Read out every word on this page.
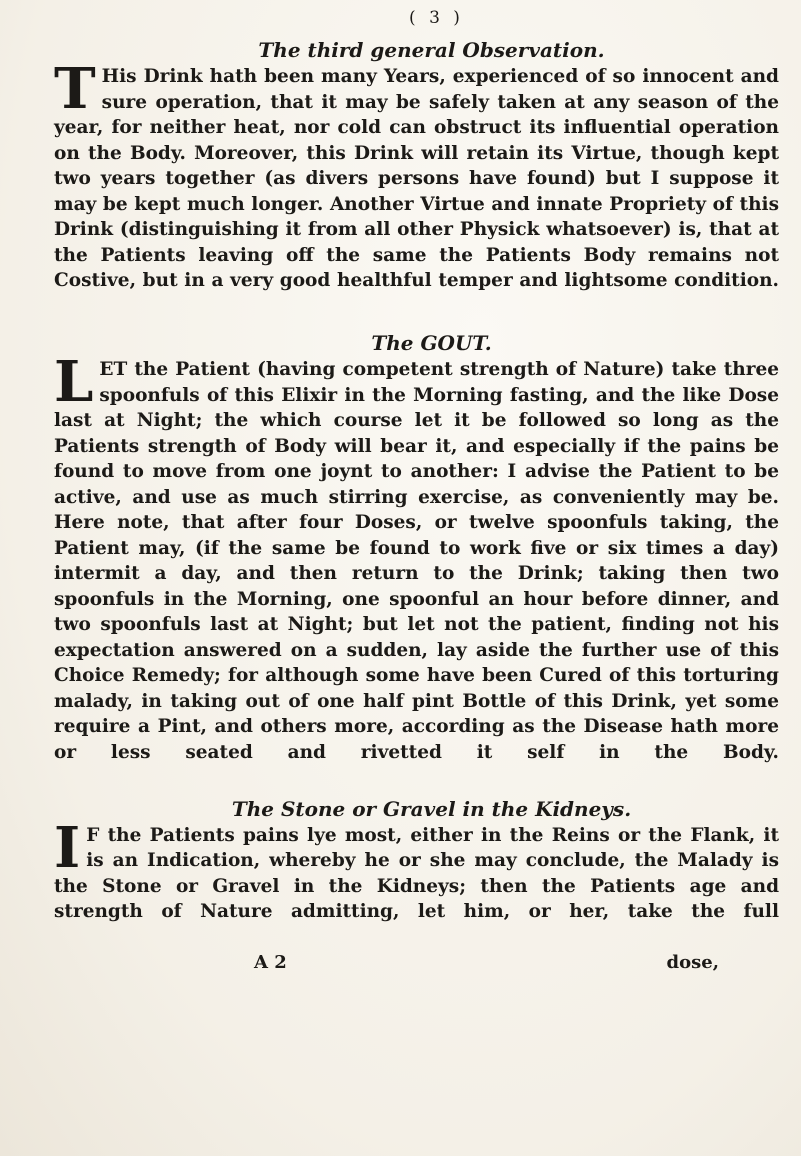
( 3 )
The third general Observation.

T His Drink hath been many Years, experienced of so innocent and sure operation, that it may be safely taken at any season of the year, for neither heat, nor cold can obstruct its influential operation on the Body. Moreover, this Drink will retain its Virtue, though kept two years together (as divers persons have found) but I suppose it may be kept much longer. Another Virtue and innate Propriety of this Drink (distinguishing it from all other Physick whatsoever) is, that at the Patients leaving off the same the Patients Body remains not Costive, but in a very good healthful temper and lightsome condition.

The GOUT.

LET the Patient (having competent strength of Nature) take three spoonfuls of this Elixir in the Morning fasting, and the like Dose last at Night; the which course let it be followed so long as the Patients strength of Body will bear it, and especially if the pains be found to move from one joynt to another: I advise the Patient to be active, and use as much stirring exercise, as conveniently may be. Here note, that after four Doses, or twelve spoonfuls taking, the Patient may, (if the same be found to work five or six times a day) intermit a day, and then return to the Drink; taking then two spoonfuls in the Morning, one spoonful an hour before dinner, and two spoonfuls last at Night; but let not the patient, finding not his expectation answered on a sudden, lay aside the further use of this Choice Remedy; for although some have been Cured of this torturing malady, in taking out of one half pint Bottle of this Drink, yet some require a Pint, and others more, according as the Disease hath more or less seated and rivetted it self in the Body.

The Stone or Gravel in the Kidneys.

I F the Patients pains lye most, either in the Reins or the Flank, it is an Indication, whereby he or she may conclude, the Malady is the Stone or Gravel in the Kidneys; then the Patients age and strength of Nature admitting, let him, or her, take the full

A 2	dose,
